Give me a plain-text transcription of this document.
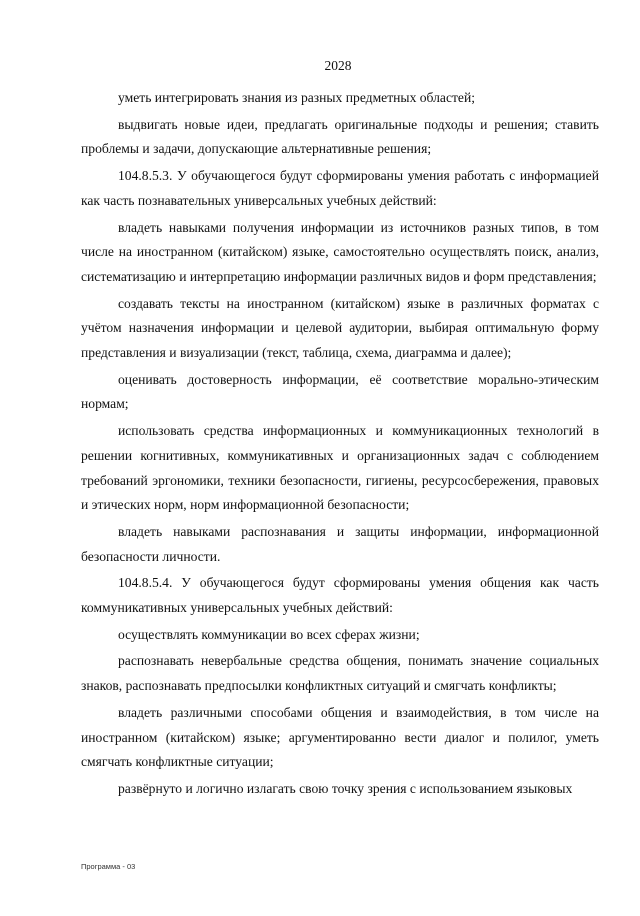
2028

уметь интегрировать знания из разных предметных областей;

выдвигать новые идеи, предлагать оригинальные подходы и решения; ставить проблемы и задачи, допускающие альтернативные решения;

104.8.5.3. У обучающегося будут сформированы умения работать с информацией как часть познавательных универсальных учебных действий:

владеть навыками получения информации из источников разных типов, в том числе на иностранном (китайском) языке, самостоятельно осуществлять поиск, анализ, систематизацию и интерпретацию информации различных видов и форм представления;

создавать тексты на иностранном (китайском) языке в различных форматах с учётом назначения информации и целевой аудитории, выбирая оптимальную форму представления и визуализации (текст, таблица, схема, диаграмма и далее);

оценивать достоверность информации, её соответствие морально-этическим нормам;

использовать средства информационных и коммуникационных технологий в решении когнитивных, коммуникативных и организационных задач с соблюдением требований эргономики, техники безопасности, гигиены, ресурсосбережения, правовых и этических норм, норм информационной безопасности;

владеть навыками распознавания и защиты информации, информационной безопасности личности.

104.8.5.4. У обучающегося будут сформированы умения общения как часть коммуникативных универсальных учебных действий:

осуществлять коммуникации во всех сферах жизни;

распознавать невербальные средства общения, понимать значение социальных знаков, распознавать предпосылки конфликтных ситуаций и смягчать конфликты;

владеть различными способами общения и взаимодействия, в том числе на иностранном (китайском) языке; аргументированно вести диалог и полилог, уметь смягчать конфликтные ситуации;

развёрнуто и логично излагать свою точку зрения с использованием языковых

Программа - 03
